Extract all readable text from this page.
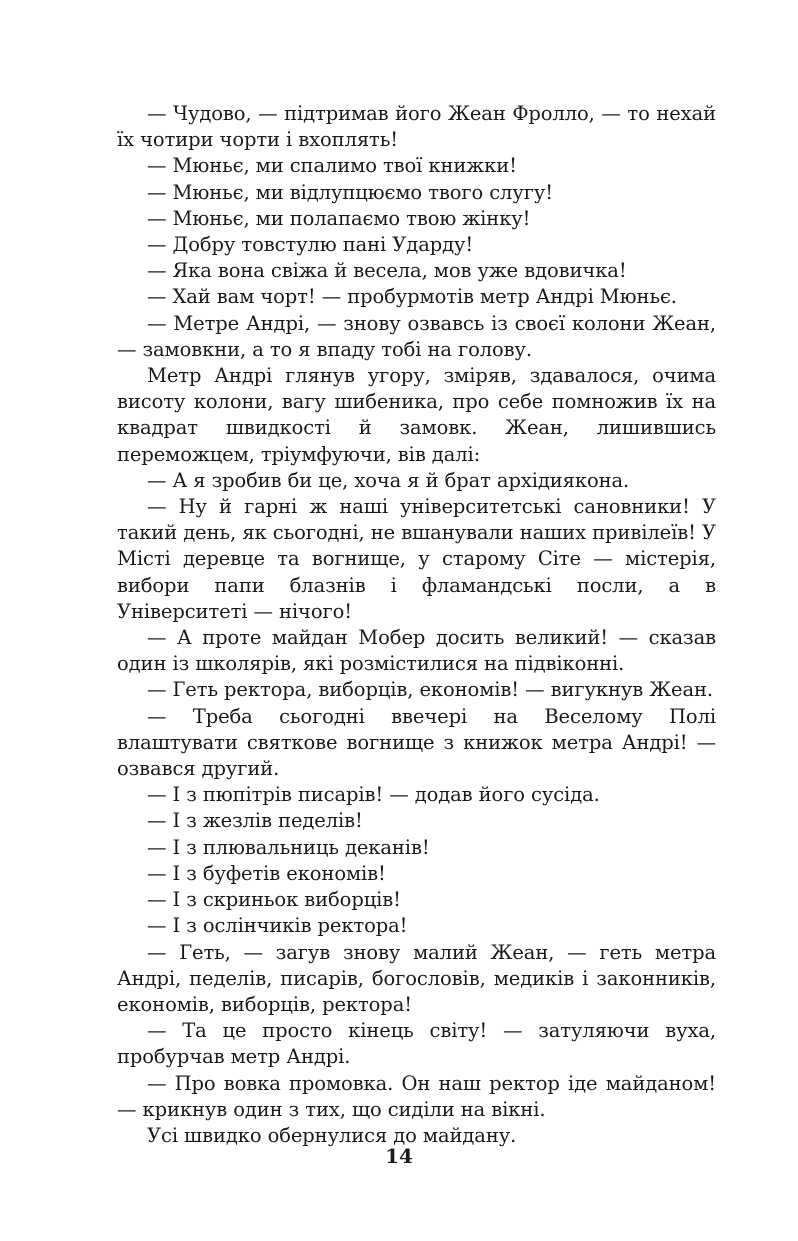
— Чудово, — підтримав його Жеан Фролло, — то нехай їх чотири чорти і вхоплять!

— Мюньє, ми спалимо твої книжки!

— Мюньє, ми відлупцюємо твого слугу!

— Мюньє, ми полапаємо твою жінку!

— Добру товстулю пані Ударду!

— Яка вона свіжа й весела, мов уже вдовичка!

— Хай вам чорт! — пробурмотів метр Андрі Мюньє.

— Метре Андрі, — знову озвавсь із своєї колони Жеан, — замовкни, а то я впаду тобі на голову.

Метр Андрі глянув угору, зміряв, здавалося, очима висоту колони, вагу шибеника, про себе помножив їх на квадрат швидкості й замовк. Жеан, лишившись переможцем, тріумфуючи, вів далі:

— А я зробив би це, хоча я й брат архідиякона.

— Ну й гарні ж наші університетські сановники! У такий день, як сьогодні, не вшанували наших привілеїв! У Місті деревце та вогнище, у старому Сіте — містерія, вибори папи блазнів і фламандські посли, а в Університеті — нічого!

— А проте майдан Мобер досить великий! — сказав один із школярів, які розмістилися на підвіконні.

— Геть ректора, виборців, економів! — вигукнув Жеан.

— Треба сьогодні ввечері на Веселому Полі влаштувати святкове вогнище з книжок метра Андрі! — озвався другий.

— І з пюпітрів писарів! — додав його сусіда.

— І з жезлів педелів!

— І з плювальниць деканів!

— І з буфетів економів!

— І з скриньок виборців!

— І з ослінчиків ректора!

— Геть, — загув знову малий Жеан, — геть метра Андрі, педелів, писарів, богословів, медиків і законників, економів, виборців, ректора!

— Та це просто кінець світу! — затуляючи вуха, пробурчав метр Андрі.

— Про вовка промовка. Он наш ректор іде майданом! — крикнув один з тих, що сиділи на вікні.

Усі швидко обернулися до майдану.

14
